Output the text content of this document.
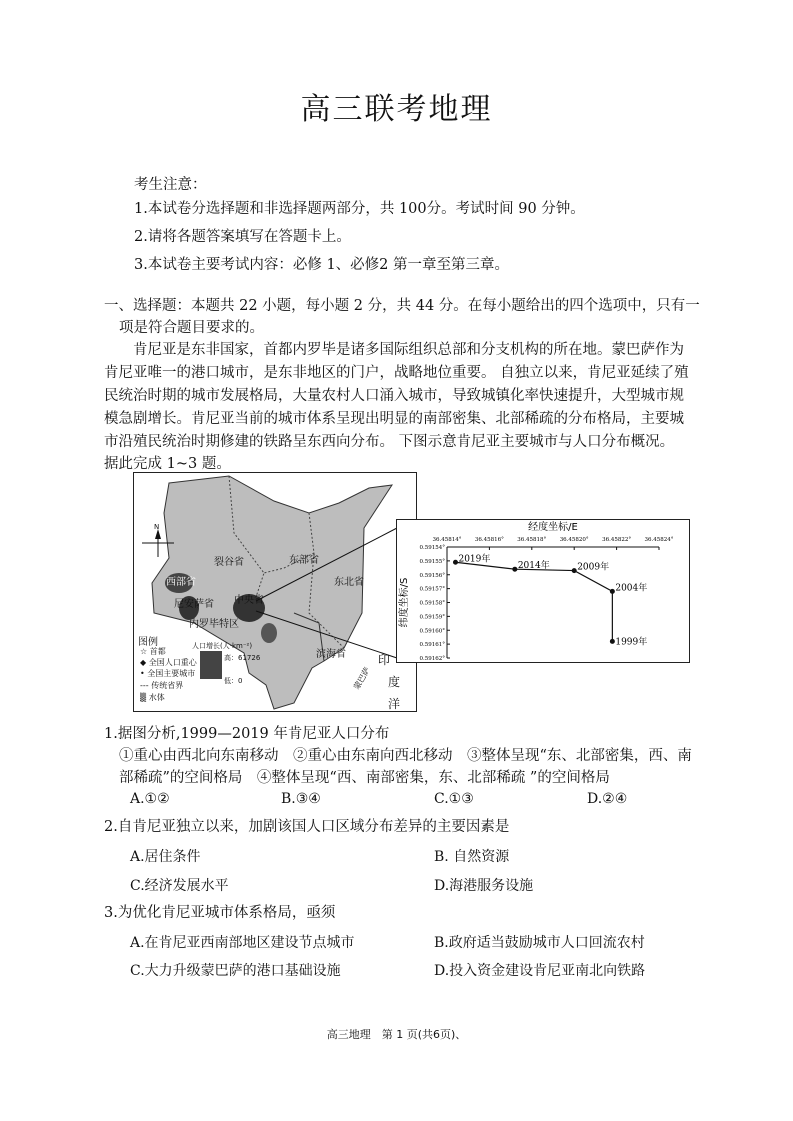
高三联考地理
考生注意：
1.本试卷分选择题和非选择题两部分，共 100分。考试时间 90 分钟。
2.请将各题答案填写在答题卡上。
3.本试卷主要考试内容：必修 1、必修2 第一章至第三章。
一、选择题：本题共 22 小题，每小题 2 分，共 44 分。在每小题给出的四个选项中，只有一
项是符合题目要求的。
肯尼亚是东非国家，首都内罗毕是诸多国际组织总部和分支机构的所在地。蒙巴萨作为
肯尼亚唯一的港口城市，是东非地区的门户，战略地位重要。 自独立以来，肯尼亚延续了殖
民统治时期的城市发展格局，大量农村人口涌入城市，导致城镇化率快速提升，大型城市规
模急剧增长。肯尼亚当前的城市体系呈现出明显的南部密集、北部稀疏的分布格局，主要城
市沿殖民统治时期修建的铁路呈东西向分布。 下图示意肯尼亚主要城市与人口分布概况。
据此完成 1~3 题。
N
裂谷省	东部省
东北省
西部省
尼安萨省 中央省
内罗毕特区
滨海省	印
度
洋
蒙巴萨
图例
☆ 首都
◆ 全国人口重心
• 全国主要城市
--- 传统省界
▒ 水体
人口增长(人·km⁻²)
高：61726
低：0
经度坐标/E
纬度坐标/S
36.45814° 36.45816° 36.45818° 36.45820° 36.45822° 36.45824°
0.59154°
0.59155°
0.59156°
0.59157°
0.59158°
0.59159°
0.59160°
0.59161°
0.59162°
2019年
2014年	2009年
2004年
1999年
1.据图分析,1999—2019 年肯尼亚人口分布
①重心由西北向东南移动　②重心由东南向西北移动　③整体呈现“东、北部密集，西、南
部稀疏”的空间格局　④整体呈现“西、南部密集，东、北部稀疏 ”的空间格局
A.①②	B.③④	C.①③	D.②④
2.自肯尼亚独立以来，加剧该国人口区域分布差异的主要因素是
A.居住条件	B. 自然资源
C.经济发展水平	D.海港服务设施
3.为优化肯尼亚城市体系格局，亟须
A.在肯尼亚西南部地区建设节点城市	B.政府适当鼓励城市人口回流农村
C.大力升级蒙巴萨的港口基础设施	D.投入资金建设肯尼亚南北向铁路
高三地理　第 1 页(共6页)、
